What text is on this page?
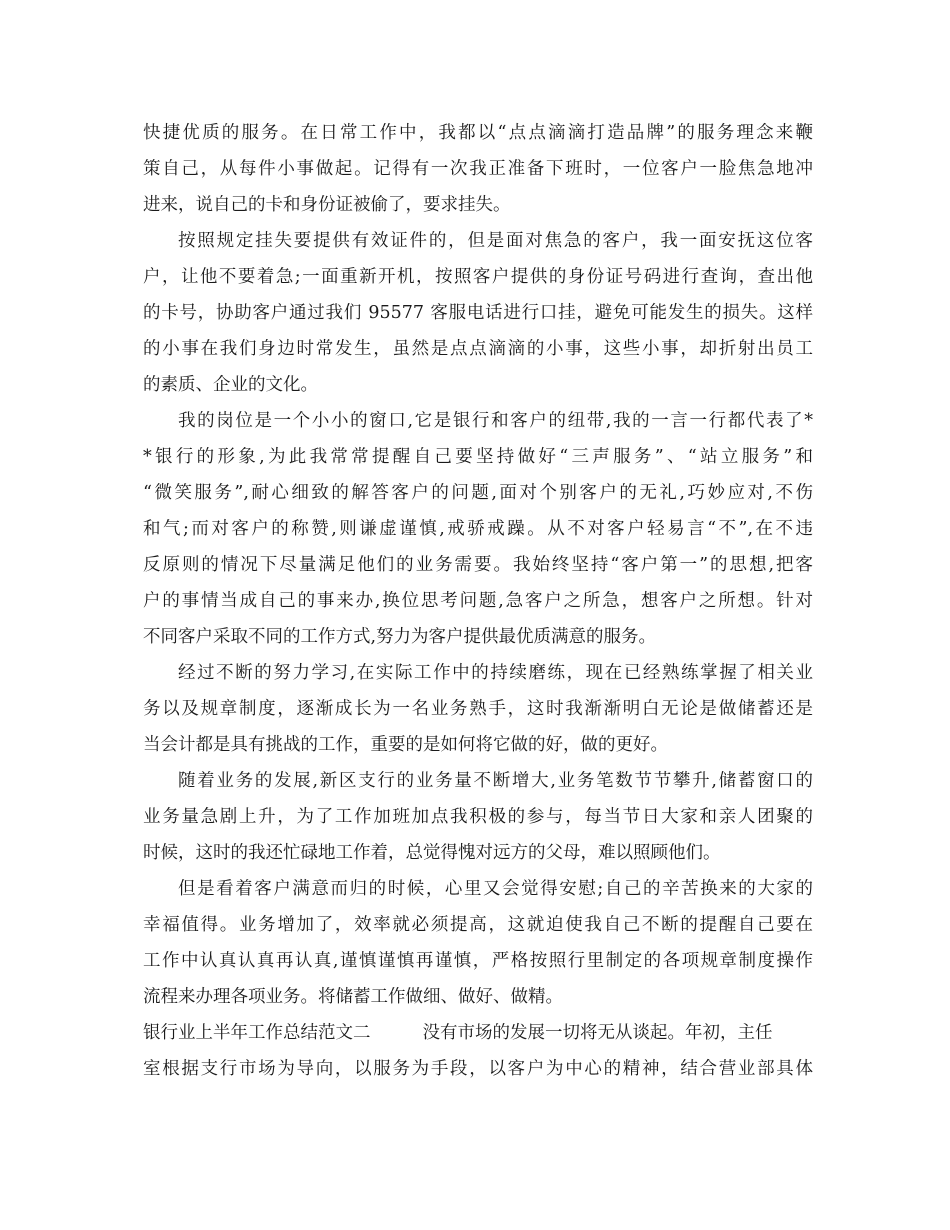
快捷优质的服务。在日常工作中，我都以“点点滴滴打造品牌”的服务理念来鞭
策自己，从每件小事做起。记得有一次我正准备下班时，一位客户一脸焦急地冲
进来，说自己的卡和身份证被偷了，要求挂失。
按照规定挂失要提供有效证件的，但是面对焦急的客户，我一面安抚这位客
户，让他不要着急;一面重新开机，按照客户提供的身份证号码进行查询，查出他
的卡号，协助客户通过我们 95577 客服电话进行口挂，避免可能发生的损失。这样
的小事在我们身边时常发生，虽然是点点滴滴的小事，这些小事，却折射出员工
的素质、企业的文化。
我的岗位是一个小小的窗口,它是银行和客户的纽带,我的一言一行都代表了*
*银行的形象,为此我常常提醒自己要坚持做好“三声服务”、“站立服务”和
“微笑服务”,耐心细致的解答客户的问题,面对个别客户的无礼,巧妙应对,不伤
和气;而对客户的称赞,则谦虚谨慎,戒骄戒躁。从不对客户轻易言“不”,在不违
反原则的情况下尽量满足他们的业务需要。我始终坚持“客户第一”的思想,把客
户的事情当成自己的事来办,换位思考问题,急客户之所急，想客户之所想。针对
不同客户采取不同的工作方式,努力为客户提供最优质满意的服务。
经过不断的努力学习,在实际工作中的持续磨练，现在已经熟练掌握了相关业
务以及规章制度，逐渐成长为一名业务熟手，这时我渐渐明白无论是做储蓄还是
当会计都是具有挑战的工作，重要的是如何将它做的好，做的更好。
随着业务的发展,新区支行的业务量不断增大,业务笔数节节攀升,储蓄窗口的
业务量急剧上升，为了工作加班加点我积极的参与，每当节日大家和亲人团聚的
时候，这时的我还忙碌地工作着，总觉得愧对远方的父母，难以照顾他们。
但是看着客户满意而归的时候，心里又会觉得安慰;自己的辛苦换来的大家的
幸福值得。业务增加了，效率就必须提高，这就迫使我自己不断的提醒自己要在
工作中认真认真再认真,谨慎谨慎再谨慎，严格按照行里制定的各项规章制度操作
流程来办理各项业务。将储蓄工作做细、做好、做精。
银行业上半年工作总结范文二	没有市场的发展一切将无从谈起。年初，主任
室根据支行市场为导向，以服务为手段，以客户为中心的精神，结合营业部具体
